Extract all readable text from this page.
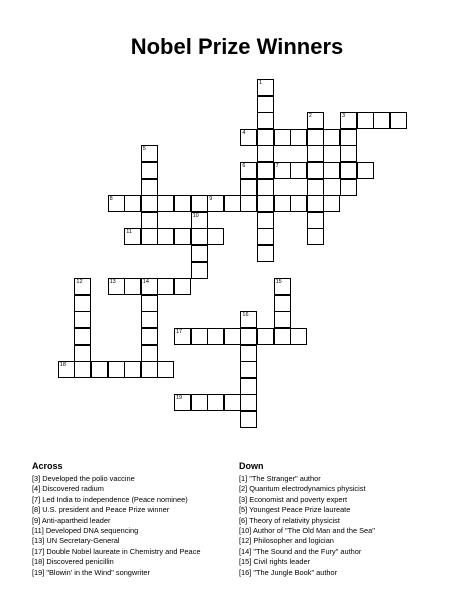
Nobel Prize Winners
1
2	3
5
6
10
12	14	15
16
4
7
8	9
11
13
17
18
19
Across
[3] Developed the polio vaccine
[4] Discovered radium
[7] Led India to independence (Peace nominee)
[8] U.S. president and Peace Prize winner
[9] Anti-apartheid leader
[11] Developed DNA sequencing
[13] UN Secretary-General
[17] Double Nobel laureate in Chemistry and Peace
[18] Discovered penicillin
[19] "Blowin' in the Wind" songwriter
Down
[1] "The Stranger" author
[2] Quantum electrodynamics physicist
[3] Economist and poverty expert
[5] Youngest Peace Prize laureate
[6] Theory of relativity physicist
[10] Author of "The Old Man and the Sea"
[12] Philosopher and logician
[14] "The Sound and the Fury" author
[15] Civil rights leader
[16] "The Jungle Book" author
